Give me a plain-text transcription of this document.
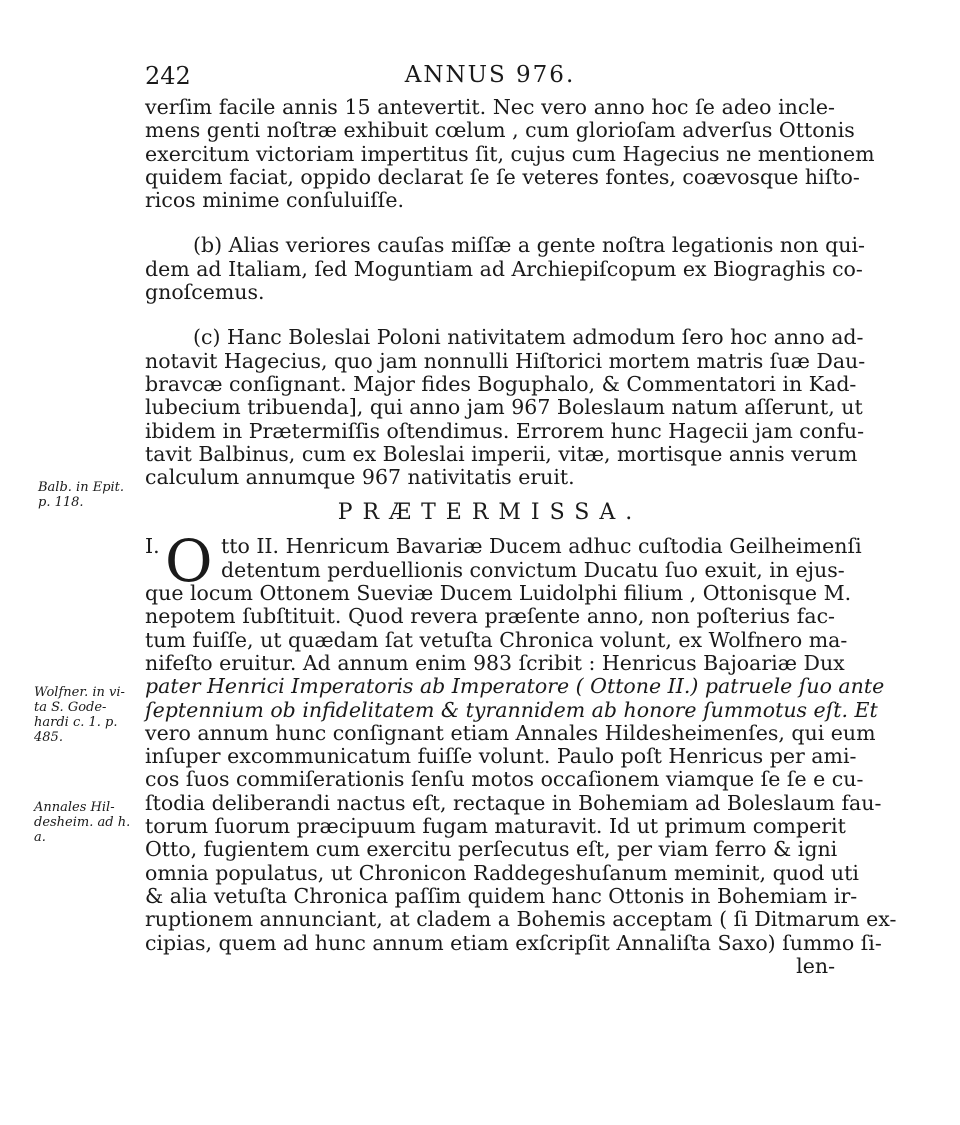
242	ANNUS 976.
verſim facile annis 15 antevertit. Nec vero anno hoc ſe adeo incle-
mens genti noſtræ exhibuit cœlum , cum glorioſam adverſus Ottonis
exercitum victoriam impertitus ſit, cujus cum Hagecius ne mentionem
quidem faciat, oppido declarat ſe ſe veteres fontes, coævosque hiſto-
ricos minime conſuluiſſe.
(b) Alias veriores cauſas miſſæ a gente noſtra legationis non qui-
dem ad Italiam, ſed Moguntiam ad Archiepiſcopum ex Biograghis co-
gnoſcemus.
(c) Hanc Boleslai Poloni nativitatem admodum ſero hoc anno ad-
notavit Hagecius, quo jam nonnulli Hiſtorici mortem matris ſuæ Dau-
bravcæ conſignant. Major fides Boguphalo, & Commentatori in Kad-
lubecium tribuenda], qui anno jam 967 Boleslaum natum aſſerunt, ut
ibidem in Prætermiſſis oſtendimus. Errorem hunc Hagecii jam confu-
tavit Balbinus, cum ex Boleslai imperii, vitæ, mortisque annis verum
calculum annumque 967 nativitatis eruit.
PRÆTERMISSA.
O
I.	tto II. Henricum Bavariæ Ducem adhuc cuſtodia Geilheimenſi
detentum perduellionis convictum Ducatu ſuo exuit, in ejus-
que locum Ottonem Sueviæ Ducem Luidolphi filium , Ottonisque M.
nepotem ſubſtituit. Quod revera præſente anno, non poſterius fac-
tum fuiſſe, ut quædam ſat vetuſta Chronica volunt, ex Wolfnero ma-
nifeſto eruitur. Ad annum enim 983 ſcribit : Henricus Bajoariæ Dux
pater Henrici Imperatoris ab Imperatore ( Ottone II.) patruele ſuo ante
ſeptennium ob infidelitatem & tyrannidem ab honore ſummotus eſt. Et
vero annum hunc conſignant etiam Annales Hildesheimenſes, qui eum
inſuper excommunicatum fuiſſe volunt. Paulo poſt Henricus per ami-
cos ſuos commiſerationis ſenſu motos occaſionem viamque ſe ſe e cu-
ſtodia deliberandi nactus eſt, rectaque in Bohemiam ad Boleslaum fau-
torum ſuorum præcipuum fugam maturavit. Id ut primum comperit
Otto, fugientem cum exercitu perſecutus eſt, per viam ferro & igni
omnia populatus, ut Chronicon Raddegeshuſanum meminit, quod uti
& alia vetuſta Chronica paſſim quidem hanc Ottonis in Bohemiam ir-
ruptionem annunciant, at cladem a Bohemis acceptam ( ſi Ditmarum ex-
cipias, quem ad hunc annum etiam exſcripſit Annaliſta Saxo) ſummo ſi-
len-
Balb. in Epit.
p. 118.
Wolfner. in vi-
ta S. Gode-
hardi c. 1. p.
485.
Annales Hil-
desheim. ad h.
a.
